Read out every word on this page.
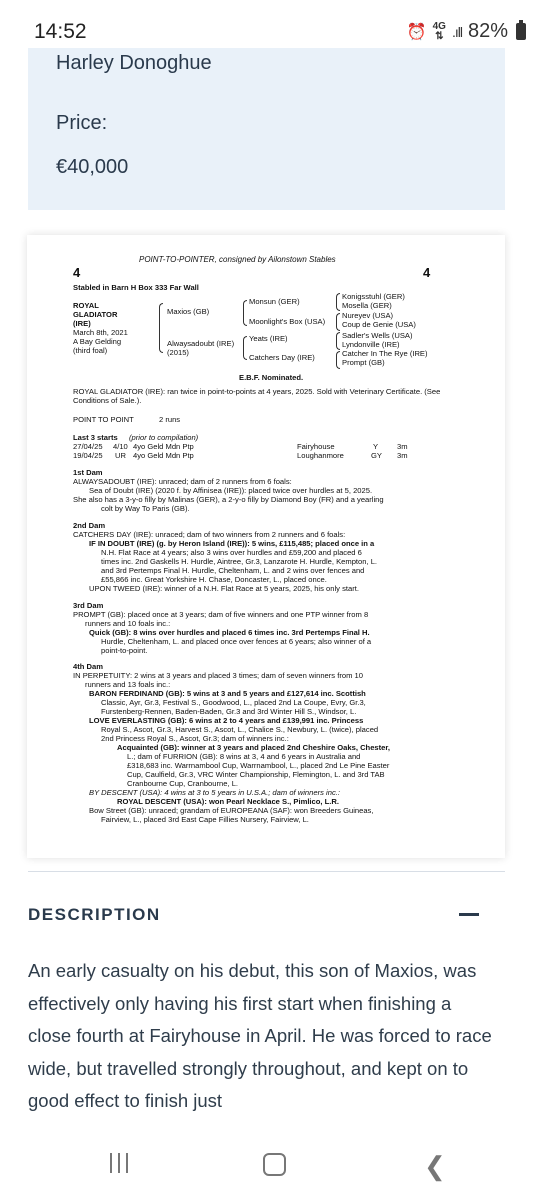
14:52	⏰ 4G
⇅ .ıll 82%
Harley Donoghue
Price:
€40,000
POINT-TO-POINTER, consigned by Ailonstown Stables
4	4
Stabled in Barn H Box 333 Far Wall
ROYAL
GLADIATOR
(IRE)
March 8th, 2021
A Bay Gelding
(third foal)
Maxios (GB)
Alwaysadoubt (IRE)
(2015)
Monsun (GER)
Moonlight's Box (USA)
Yeats (IRE)
Catchers Day (IRE)
Konigsstuhl (GER)
Mosella (GER)
Nureyev (USA)
Coup de Genie (USA)
Sadler's Wells (USA)
Lyndonville (IRE)
Catcher In The Rye (IRE)
Prompt (GB)
E.B.F. Nominated.
ROYAL GLADIATOR (IRE): ran twice in point-to-points at 4 years, 2025. Sold with Veterinary Certificate. (See Conditions of Sale.).
POINT TO POINT	2 runs
Last 3 starts (prior to compilation)
27/04/25 4/10 4yo Geld Mdn Ptp	Fairyhouse	Y 3m
19/04/25 UR 4yo Geld Mdn Ptp	Loughanmore	GY 3m
1st Dam
ALWAYSADOUBT (IRE): unraced; dam of 2 runners from 6 foals:
Sea of Doubt (IRE) (2020 f. by Affinisea (IRE)): placed twice over hurdles at 5, 2025.
She also has a 3-y-o filly by Malinas (GER), a 2-y-o filly by Diamond Boy (FR) and a yearling
colt by Way To Paris (GB).
2nd Dam
CATCHERS DAY (IRE): unraced; dam of two winners from 2 runners and 6 foals:
IF IN DOUBT (IRE) (g. by Heron Island (IRE)): 5 wins, £115,485; placed once in a
N.H. Flat Race at 4 years; also 3 wins over hurdles and £59,200 and placed 6
times inc. 2nd Gaskells H. Hurdle, Aintree, Gr.3, Lanzarote H. Hurdle, Kempton, L.
and 3rd Pertemps Final H. Hurdle, Cheltenham, L. and 2 wins over fences and
£55,866 inc. Great Yorkshire H. Chase, Doncaster, L., placed once.
UPON TWEED (IRE): winner of a N.H. Flat Race at 5 years, 2025, his only start.
3rd Dam
PROMPT (GB): placed once at 3 years; dam of five winners and one PTP winner from 8
runners and 10 foals inc.:
Quick (GB): 8 wins over hurdles and placed 6 times inc. 3rd Pertemps Final H.
Hurdle, Cheltenham, L. and placed once over fences at 6 years; also winner of a
point-to-point.
4th Dam
IN PERPETUITY: 2 wins at 3 years and placed 3 times; dam of seven winners from 10
runners and 13 foals inc.:
BARON FERDINAND (GB): 5 wins at 3 and 5 years and £127,614 inc. Scottish
Classic, Ayr, Gr.3, Festival S., Goodwood, L., placed 2nd La Coupe, Evry, Gr.3,
Furstenberg-Rennen, Baden-Baden, Gr.3 and 3rd Winter Hill S., Windsor, L.
LOVE EVERLASTING (GB): 6 wins at 2 to 4 years and £139,991 inc. Princess
Royal S., Ascot, Gr.3, Harvest S., Ascot, L., Chalice S., Newbury, L. (twice), placed
2nd Princess Royal S., Ascot, Gr.3; dam of winners inc.:
Acquainted (GB): winner at 3 years and placed 2nd Cheshire Oaks, Chester,
L.; dam of FURRION (GB): 8 wins at 3, 4 and 6 years in Australia and
£318,683 inc. Warrnambool Cup, Warrnambool, L., placed 2nd Le Pine Easter
Cup, Caulfield, Gr.3, VRC Winter Championship, Flemington, L. and 3rd TAB
Cranbourne Cup, Cranbourne, L.
BY DESCENT (USA): 4 wins at 3 to 5 years in U.S.A.; dam of winners inc.:
ROYAL DESCENT (USA): won Pearl Necklace S., Pimlico, L.R.
Bow Street (GB): unraced; grandam of EUROPEANA (SAF): won Breeders Guineas,
Fairview, L., placed 3rd East Cape Fillies Nursery, Fairview, L.
DESCRIPTION
An early casualty on his debut, this son of Maxios, was effectively only having his first start when finishing a close fourth at Fairyhouse in April. He was forced to race wide, but travelled strongly throughout, and kept on to good effect to finish just
❮
